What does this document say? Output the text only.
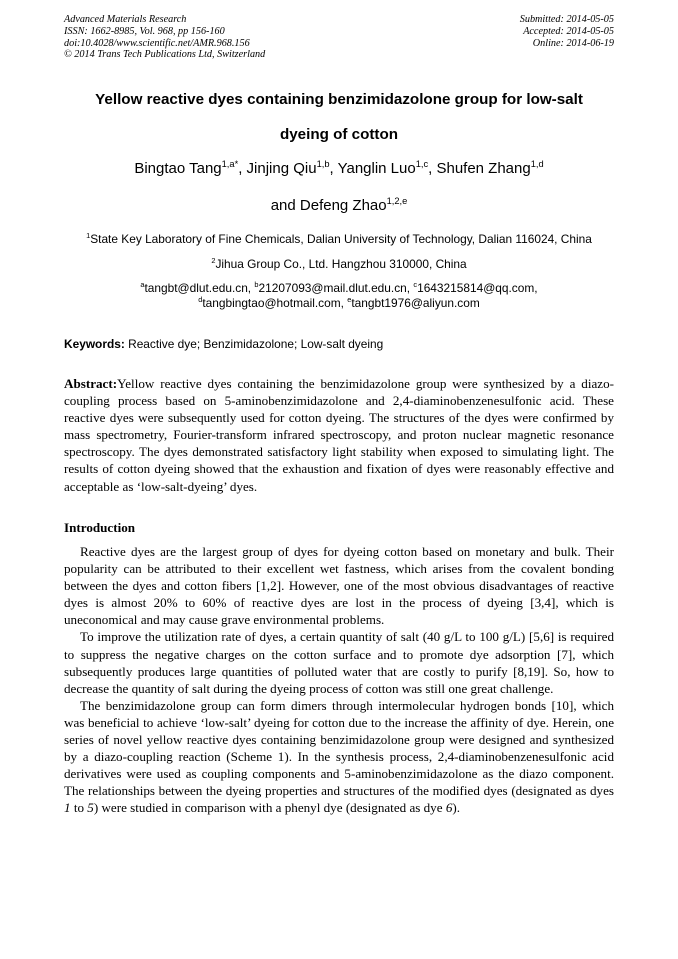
Advanced Materials Research
ISSN: 1662-8985, Vol. 968, pp 156-160
doi:10.4028/www.scientific.net/AMR.968.156
© 2014 Trans Tech Publications Ltd, Switzerland
Submitted: 2014-05-05
Accepted: 2014-05-05
Online: 2014-06-19
Yellow reactive dyes containing benzimidazolone group for low-salt
dyeing of cotton
Bingtao Tang$^{1,a*}$, Jinjing Qiu$^{1,b}$, Yanglin Luo$^{1,c}$, Shufen Zhang$^{1,d}$
and Defeng Zhao$^{1,2,e}$
$^1$State Key Laboratory of Fine Chemicals, Dalian University of Technology, Dalian 116024, China
$^2$Jihua Group Co., Ltd. Hangzhou 310000, China
$^a$tangbt@dlut.edu.cn, $^b$21207093@mail.dlut.edu.cn, $^c$1643215814@qq.com,
$^d$tangbingtao@hotmail.com, $^e$tangbt1976@aliyun.com
Keywords: Reactive dye; Benzimidazolone; Low-salt dyeing
Abstract:Yellow reactive dyes containing the benzimidazolone group were synthesized by a diazo-coupling process based on 5-aminobenzimidazolone and 2,4-diaminobenzenesulfonic acid. These reactive dyes were subsequently used for cotton dyeing. The structures of the dyes were confirmed by mass spectrometry, Fourier-transform infrared spectroscopy, and proton nuclear magnetic resonance spectroscopy. The dyes demonstrated satisfactory light stability when exposed to simulating light. The results of cotton dyeing showed that the exhaustion and fixation of dyes were reasonably effective and acceptable as ‘low-salt-dyeing’ dyes.
Introduction

Reactive dyes are the largest group of dyes for dyeing cotton based on monetary and bulk. Their popularity can be attributed to their excellent wet fastness, which arises from the covalent bonding between the dyes and cotton fibers [1,2]. However, one of the most obvious disadvantages of reactive dyes is almost 20% to 60% of reactive dyes are lost in the process of dyeing [3,4], which is uneconomical and may cause grave environmental problems.

To improve the utilization rate of dyes, a certain quantity of salt (40 g/L to 100 g/L) [5,6] is required to suppress the negative charges on the cotton surface and to promote dye adsorption [7], which subsequently produces large quantities of polluted water that are costly to purify [8,19]. So, how to decrease the quantity of salt during the dyeing process of cotton was still one great challenge.

The benzimidazolone group can form dimers through intermolecular hydrogen bonds [10], which was beneficial to achieve ‘low-salt’ dyeing for cotton due to the increase the affinity of dye. Herein, one series of novel yellow reactive dyes containing benzimidazolone group were designed and synthesized by a diazo-coupling reaction (Scheme 1). In the synthesis process, 2,4-diaminobenzenesulfonic acid derivatives were used as coupling components and 5-aminobenzimidazolone as the diazo component. The relationships between the dyeing properties and structures of the modified dyes (designated as dyes 1 to 5) were studied in comparison with a phenyl dye (designated as dye 6).
